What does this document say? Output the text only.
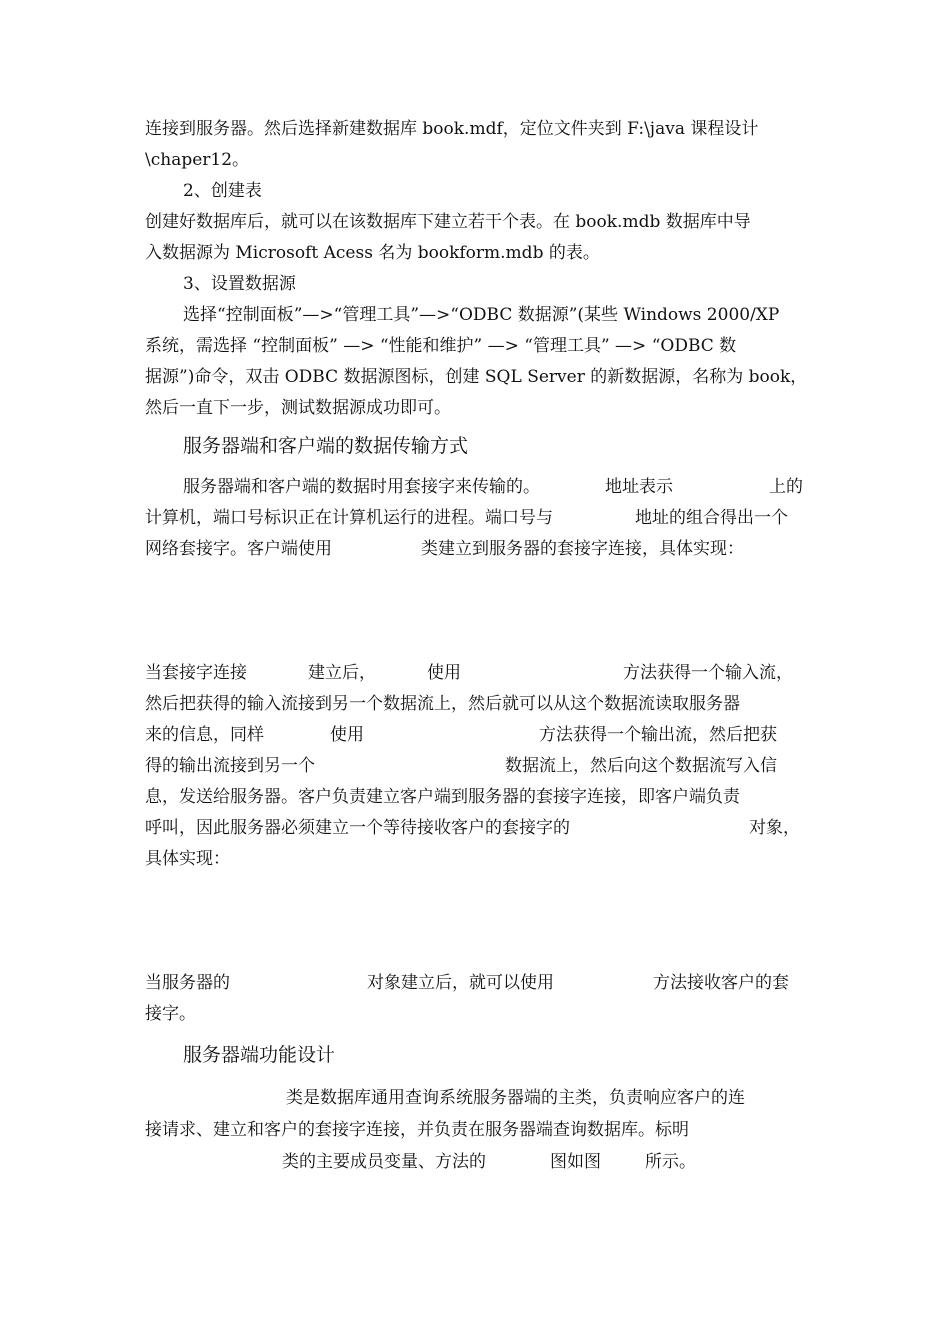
连接到服务器。然后选择新建数据库 book.mdf，定位文件夹到 F:\java 课程设计
\chaper12。
2、创建表
创建好数据库后，就可以在该数据库下建立若干个表。在 book.mdb 数据库中导
入数据源为 Microsoft Acess 名为 bookform.mdb 的表。
3、设置数据源
选择“控制面板”—>“管理工具”—>“ODBC 数据源”(某些 Windows 2000/XP
系统，需选择 “控制面板” —> “性能和维护” —> “管理工具” —> “ODBC 数
据源”)命令，双击 ODBC 数据源图标，创建 SQL Server 的新数据源，名称为 book，
然后一直下一步，测试数据源成功即可。
服务器端和客户端的数据传输方式
服务器端和客户端的数据时用套接字来传输的。	地址表示	上的
计算机，端口号标识正在计算机运行的进程。端口号与	地址的组合得出一个
网络套接字。客户端使用	类建立到服务器的套接字连接，具体实现：
当套接字连接	建立后，	使用	方法获得一个输入流，
然后把获得的输入流接到另一个数据流上，然后就可以从这个数据流读取服务器
来的信息，同样	使用	方法获得一个输出流，然后把获
得的输出流接到另一个	数据流上，然后向这个数据流写入信
息，发送给服务器。客户负责建立客户端到服务器的套接字连接，即客户端负责
呼叫，因此服务器必须建立一个等待接收客户的套接字的	对象，
具体实现：
当服务器的	对象建立后，就可以使用	方法接收客户的套
接字。
服务器端功能设计
类是数据库通用查询系统服务器端的主类，负责响应客户的连
接请求、建立和客户的套接字连接，并负责在服务器端查询数据库。标明
类的主要成员变量、方法的	图如图	所示。
